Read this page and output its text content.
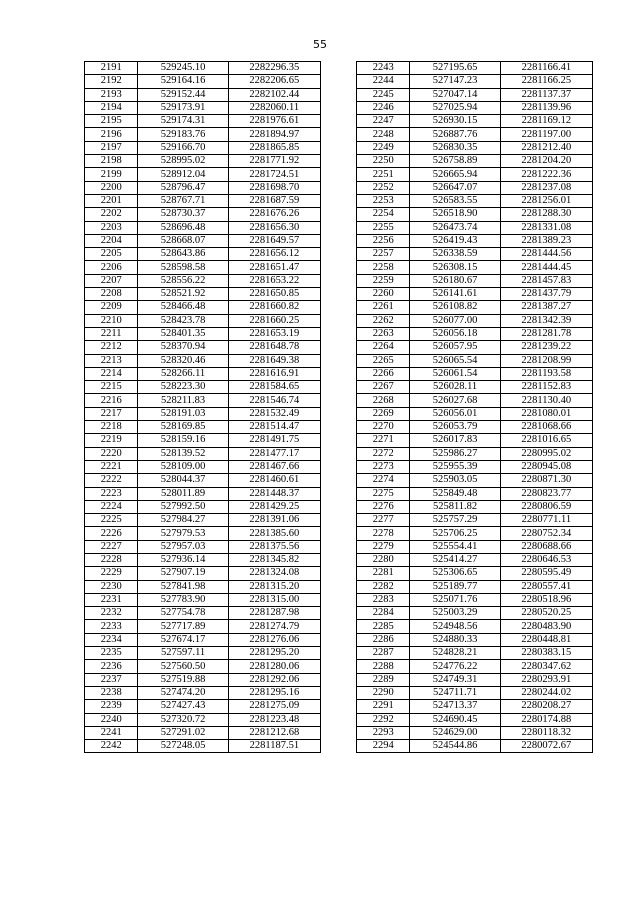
55
2191	529245.10	2282296.35
2192	529164.16	2282206.65
2193	529152.44	2282102.44
2194	529173.91	2282060.11
2195	529174.31	2281976.61
2196	529183.76	2281894.97
2197	529166.70	2281865.85
2198	528995.02	2281771.92
2199	528912.04	2281724.51
2200	528796.47	2281698.70
2201	528767.71	2281687.59
2202	528730.37	2281676.26
2203	528696.48	2281656.30
2204	528668.07	2281649.57
2205	528643.86	2281656.12
2206	528598.58	2281651.47
2207	528556.22	2281653.22
2208	528521.92	2281650.85
2209	528466.48	2281660.82
2210	528423.78	2281660.25
2211	528401.35	2281653.19
2212	528370.94	2281648.78
2213	528320.46	2281649.38
2214	528266.11	2281616.91
2215	528223.30	2281584.65
2216	528211.83	2281546.74
2217	528191.03	2281532.49
2218	528169.85	2281514.47
2219	528159.16	2281491.75
2220	528139.52	2281477.17
2221	528109.00	2281467.66
2222	528044.37	2281460.61
2223	528011.89	2281448.37
2224	527992.50	2281429.25
2225	527984.27	2281391.06
2226	527979.53	2281385.60
2227	527957.03	2281375.56
2228	527936.14	2281345.82
2229	527907.19	2281324.08
2230	527841.98	2281315.20
2231	527783.90	2281315.00
2232	527754.78	2281287.98
2233	527717.89	2281274.79
2234	527674.17	2281276.06
2235	527597.11	2281295.20
2236	527560.50	2281280.06
2237	527519.88	2281292.06
2238	527474.20	2281295.16
2239	527427.43	2281275.09
2240	527320.72	2281223.48
2241	527291.02	2281212.68
2242	527248.05	2281187.51
2243	527195.65	2281166.41
2244	527147.23	2281166.25
2245	527047.14	2281137.37
2246	527025.94	2281139.96
2247	526930.15	2281169.12
2248	526887.76	2281197.00
2249	526830.35	2281212.40
2250	526758.89	2281204.20
2251	526665.94	2281222.36
2252	526647.07	2281237.08
2253	526583.55	2281256.01
2254	526518.90	2281288.30
2255	526473.74	2281331.08
2256	526419.43	2281389.23
2257	526338.59	2281444.56
2258	526308.15	2281444.45
2259	526180.67	2281457.83
2260	526141.61	2281437.79
2261	526108.82	2281387.27
2262	526077.00	2281342.39
2263	526056.18	2281281.78
2264	526057.95	2281239.22
2265	526065.54	2281208.99
2266	526061.54	2281193.58
2267	526028.11	2281152.83
2268	526027.68	2281130.40
2269	526056.01	2281080.01
2270	526053.79	2281068.66
2271	526017.83	2281016.65
2272	525986.27	2280995.02
2273	525955.39	2280945.08
2274	525903.05	2280871.30
2275	525849.48	2280823.77
2276	525811.82	2280806.59
2277	525757.29	2280771.11
2278	525706.25	2280752.34
2279	525554.41	2280688.66
2280	525414.27	2280646.53
2281	525306.65	2280595.49
2282	525189.77	2280557.41
2283	525071.76	2280518.96
2284	525003.29	2280520.25
2285	524948.56	2280483.90
2286	524880.33	2280448.81
2287	524828.21	2280383.15
2288	524776.22	2280347.62
2289	524749.31	2280293.91
2290	524711.71	2280244.02
2291	524713.37	2280208.27
2292	524690.45	2280174.88
2293	524629.00	2280118.32
2294	524544.86	2280072.67
